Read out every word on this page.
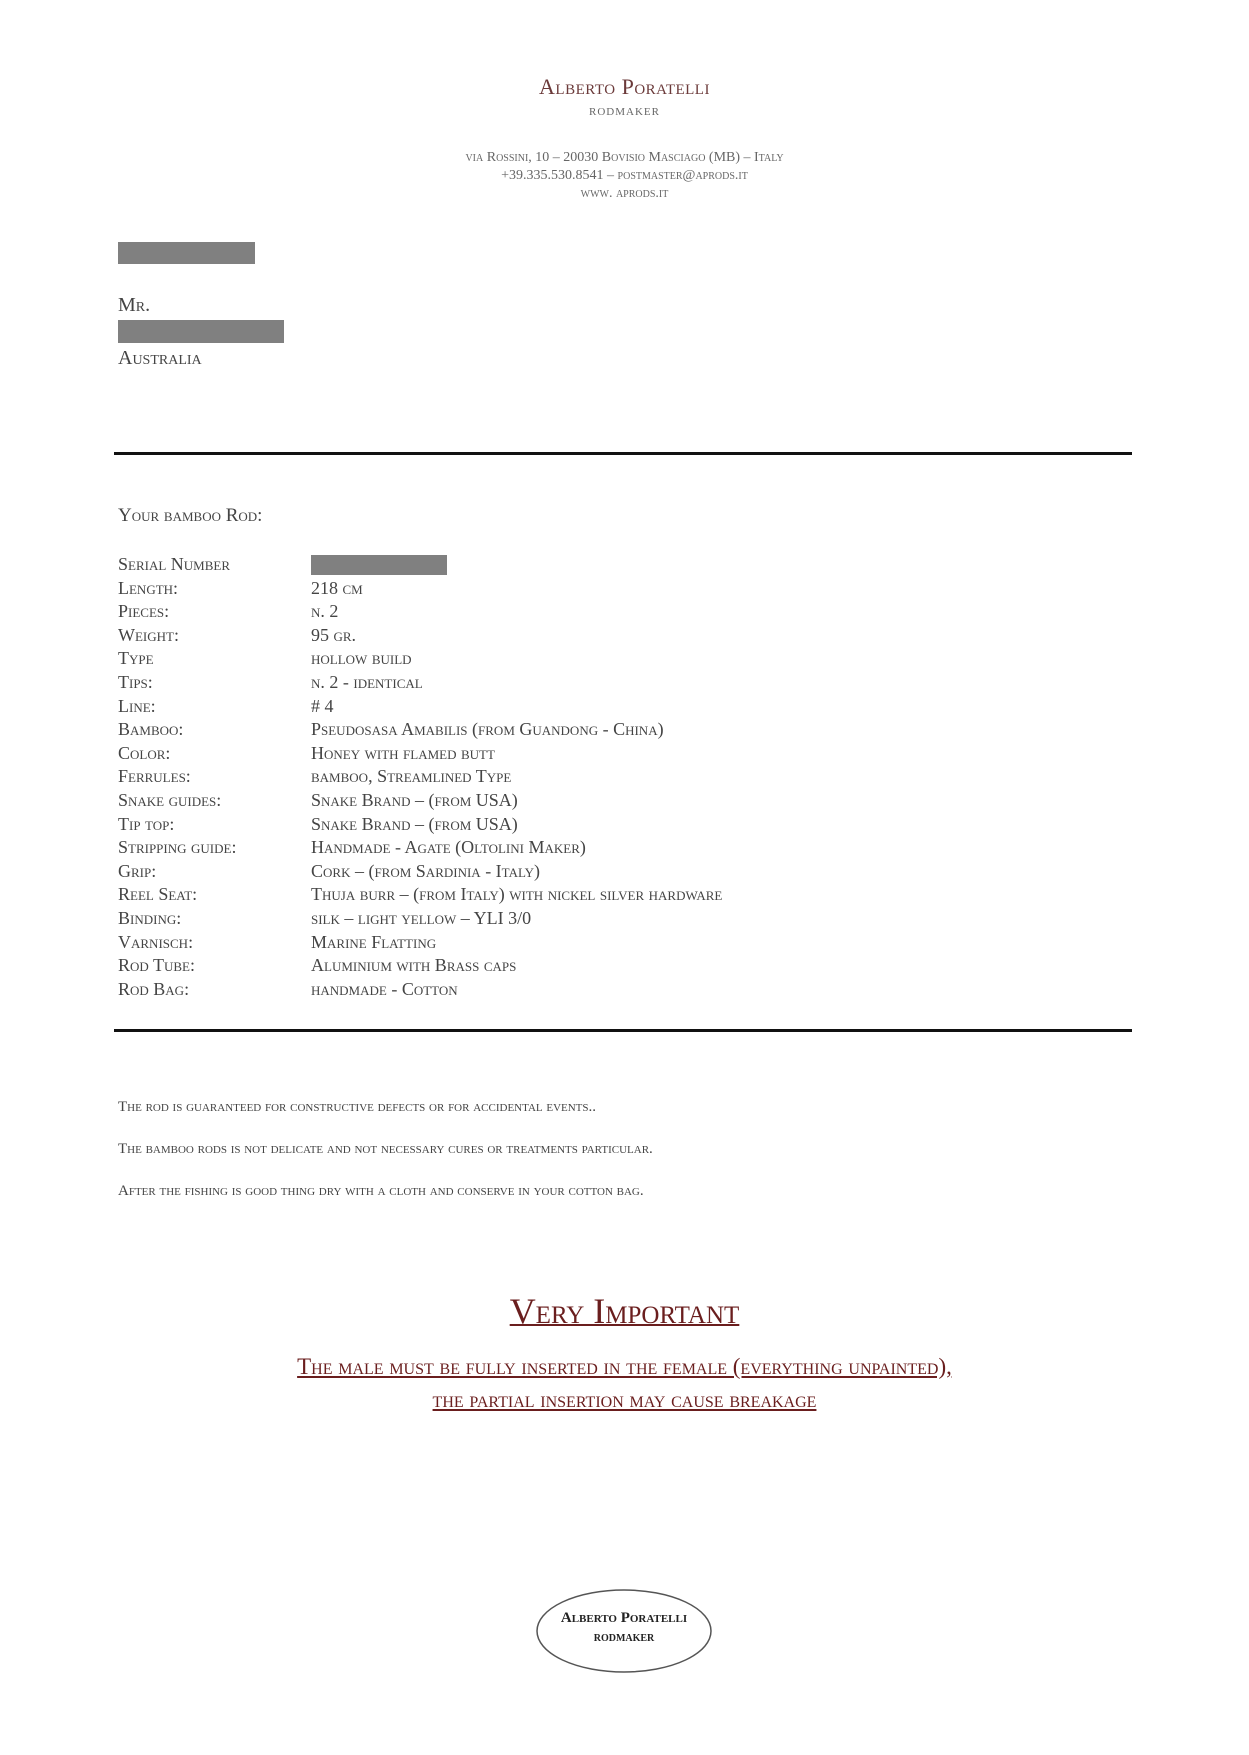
Alberto Poratelli
rodmaker
via Rossini, 10 – 20030 Bovisio Masciago (MB) – Italy
+39.335.530.8541 – postmaster@aprods.it
www. aprods.it
Mr.
Australia
Your bamboo Rod:
Serial Number
Length:	218 cm
Pieces:	n. 2
Weight:	95 gr.
Type	hollow build
Tips:	n. 2 - identical
Line:	# 4
Bamboo:	Pseudosasa Amabilis (from Guandong - China)
Color:	Honey with flamed butt
Ferrules:	bamboo, Streamlined Type
Snake guides:	Snake Brand – (from USA)
Tip top:	Snake Brand – (from USA)
Stripping guide:	Handmade - Agate (Oltolini Maker)
Grip:	Cork – (from Sardinia - Italy)
Reel Seat:	Thuja burr – (from Italy) with nickel silver hardware
Binding:	silk – light yellow – YLI 3/0
Varnisch:	Marine Flatting
Rod Tube:	Aluminium with Brass caps
Rod Bag:	handmade - Cotton
The rod is guaranteed for constructive defects or for accidental events..
The bamboo rods is not delicate and not necessary cures or treatments particular.
After the fishing is good thing dry with a cloth and conserve in your cotton bag.
Very Important
The male must be fully inserted in the female (everything unpainted),
the partial insertion may cause breakage
Alberto Poratelli
rodmaker
